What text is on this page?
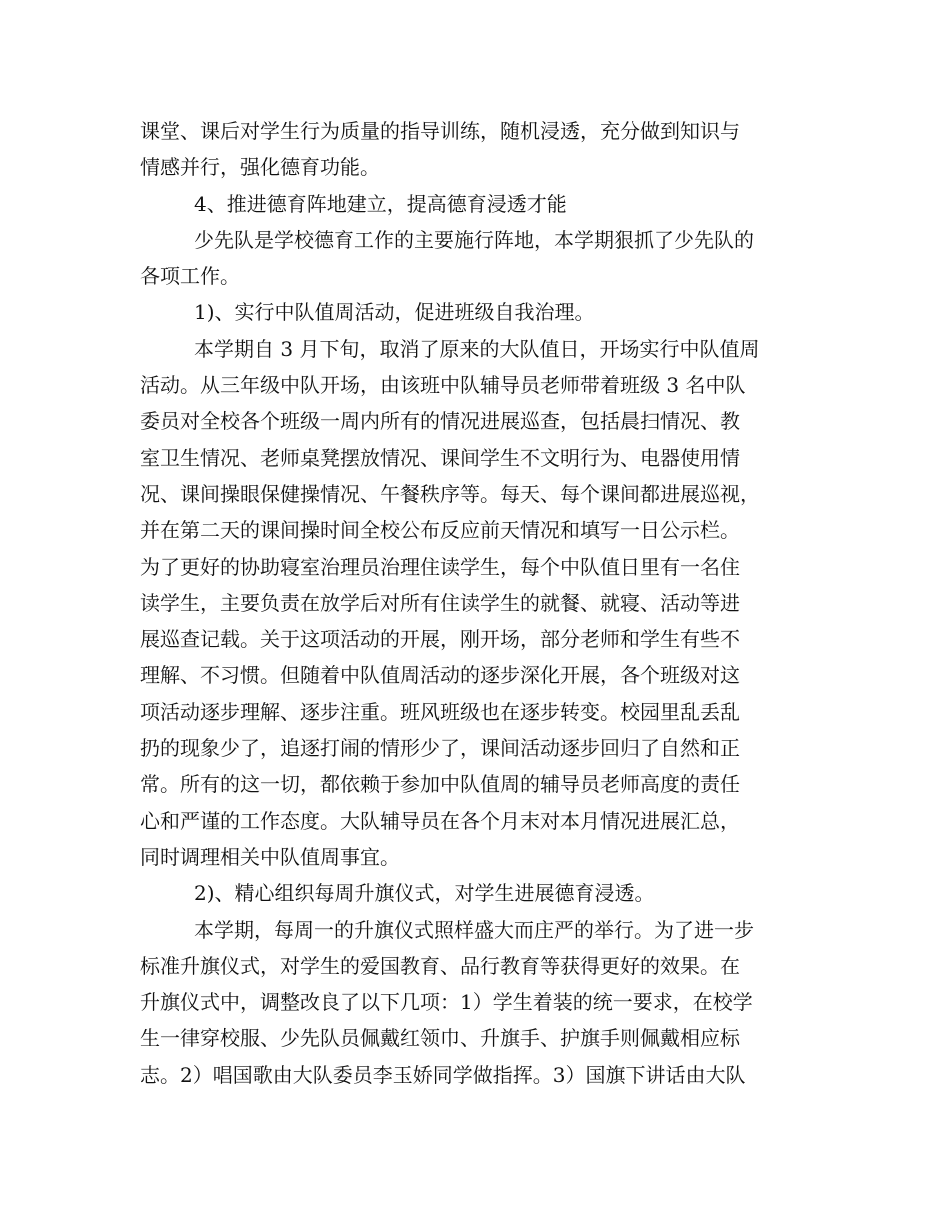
课堂、课后对学生行为质量的指导训练，随机浸透，充分做到知识与
情感并行，强化德育功能。
4、推进德育阵地建立，提高德育浸透才能
少先队是学校德育工作的主要施行阵地，本学期狠抓了少先队的
各项工作。
1)、实行中队值周活动，促进班级自我治理。
本学期自 3 月下旬，取消了原来的大队值日，开场实行中队值周
活动。从三年级中队开场，由该班中队辅导员老师带着班级 3 名中队
委员对全校各个班级一周内所有的情况进展巡查，包括晨扫情况、教
室卫生情况、老师桌凳摆放情况、课间学生不文明行为、电器使用情
况、课间操眼保健操情况、午餐秩序等。每天、每个课间都进展巡视，
并在第二天的课间操时间全校公布反应前天情况和填写一日公示栏。
为了更好的协助寝室治理员治理住读学生，每个中队值日里有一名住
读学生，主要负责在放学后对所有住读学生的就餐、就寝、活动等进
展巡查记载。关于这项活动的开展，刚开场，部分老师和学生有些不
理解、不习惯。但随着中队值周活动的逐步深化开展，各个班级对这
项活动逐步理解、逐步注重。班风班级也在逐步转变。校园里乱丢乱
扔的现象少了，追逐打闹的情形少了，课间活动逐步回归了自然和正
常。所有的这一切，都依赖于参加中队值周的辅导员老师高度的责任
心和严谨的工作态度。大队辅导员在各个月末对本月情况进展汇总，
同时调理相关中队值周事宜。
2)、精心组织每周升旗仪式，对学生进展德育浸透。
本学期，每周一的升旗仪式照样盛大而庄严的举行。为了进一步
标准升旗仪式，对学生的爱国教育、品行教育等获得更好的效果。在
升旗仪式中，调整改良了以下几项：1）学生着装的统一要求，在校学
生一律穿校服、少先队员佩戴红领巾、升旗手、护旗手则佩戴相应标
志。2）唱国歌由大队委员李玉娇同学做指挥。3）国旗下讲话由大队
